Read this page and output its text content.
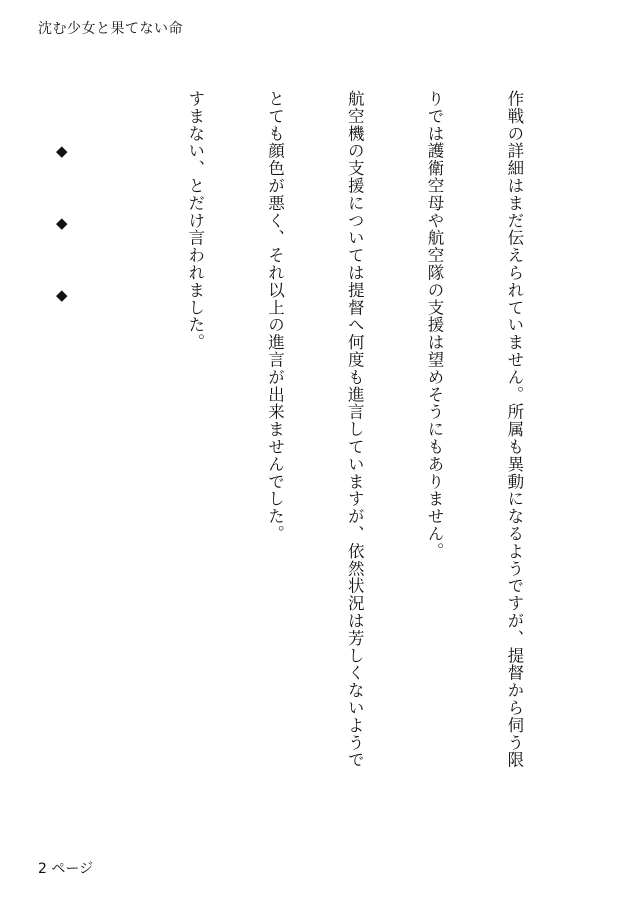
沈む少女と果てない命

作戦の詳細はまだ伝えられていません。所属も異動になるようですが、提督から伺う限

りでは護衛空母や航空隊の支援は望めそうにもありません。

航空機の支援については提督へ何度も進言していますが、依然状況は芳しくないようで

とても顔色が悪く、それ以上の進言が出来ませんでした。

すまない、とだけ言われました。

◆◆◆

2 ページ
